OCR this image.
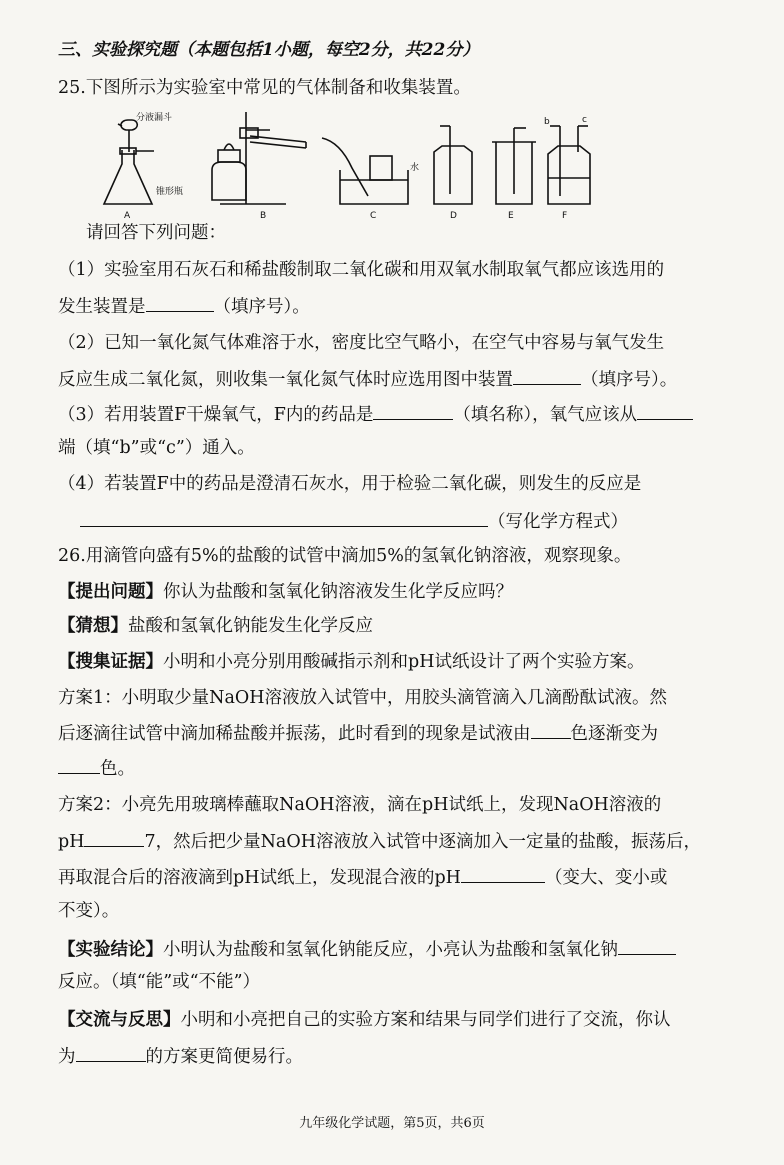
三、实验探究题（本题包括1小题，每空2分，共22分）
25.下图所示为实验室中常见的气体制备和收集装置。
分液漏斗
锥形瓶
水
b	c
A	B	C	D	E	F
请回答下列问题：
（1）实验室用石灰石和稀盐酸制取二氧化碳和用双氧水制取氧气都应该选用的
发生装置是	（填序号）。
（2）已知一氧化氮气体难溶于水，密度比空气略小，在空气中容易与氧气发生
反应生成二氧化氮，则收集一氧化氮气体时应选用图中装置	（填序号）。
（3）若用装置F干燥氧气，F内的药品是	（填名称），氧气应该从
端（填“b”或“c”）通入。
（4）若装置F中的药品是澄清石灰水，用于检验二氧化碳，则发生的反应是
（写化学方程式）
26.用滴管向盛有5%的盐酸的试管中滴加5%的氢氧化钠溶液，观察现象。
【提出问题】你认为盐酸和氢氧化钠溶液发生化学反应吗？
【猜想】盐酸和氢氧化钠能发生化学反应
【搜集证据】小明和小亮分别用酸碱指示剂和pH试纸设计了两个实验方案。
方案1：小明取少量NaOH溶液放入试管中，用胶头滴管滴入几滴酚酞试液。然
后逐滴往试管中滴加稀盐酸并振荡，此时看到的现象是试液由 色逐渐变为
色。
方案2：小亮先用玻璃棒蘸取NaOH溶液，滴在pH试纸上，发现NaOH溶液的
pH	7，然后把少量NaOH溶液放入试管中逐滴加入一定量的盐酸，振荡后，
再取混合后的溶液滴到pH试纸上，发现混合液的pH	（变大、变小或
不变）。
【实验结论】小明认为盐酸和氢氧化钠能反应，小亮认为盐酸和氢氧化钠
反应。（填“能”或“不能”）
【交流与反思】小明和小亮把自己的实验方案和结果与同学们进行了交流，你认
为	的方案更简便易行。
九年级化学试题，第5页，共6页
